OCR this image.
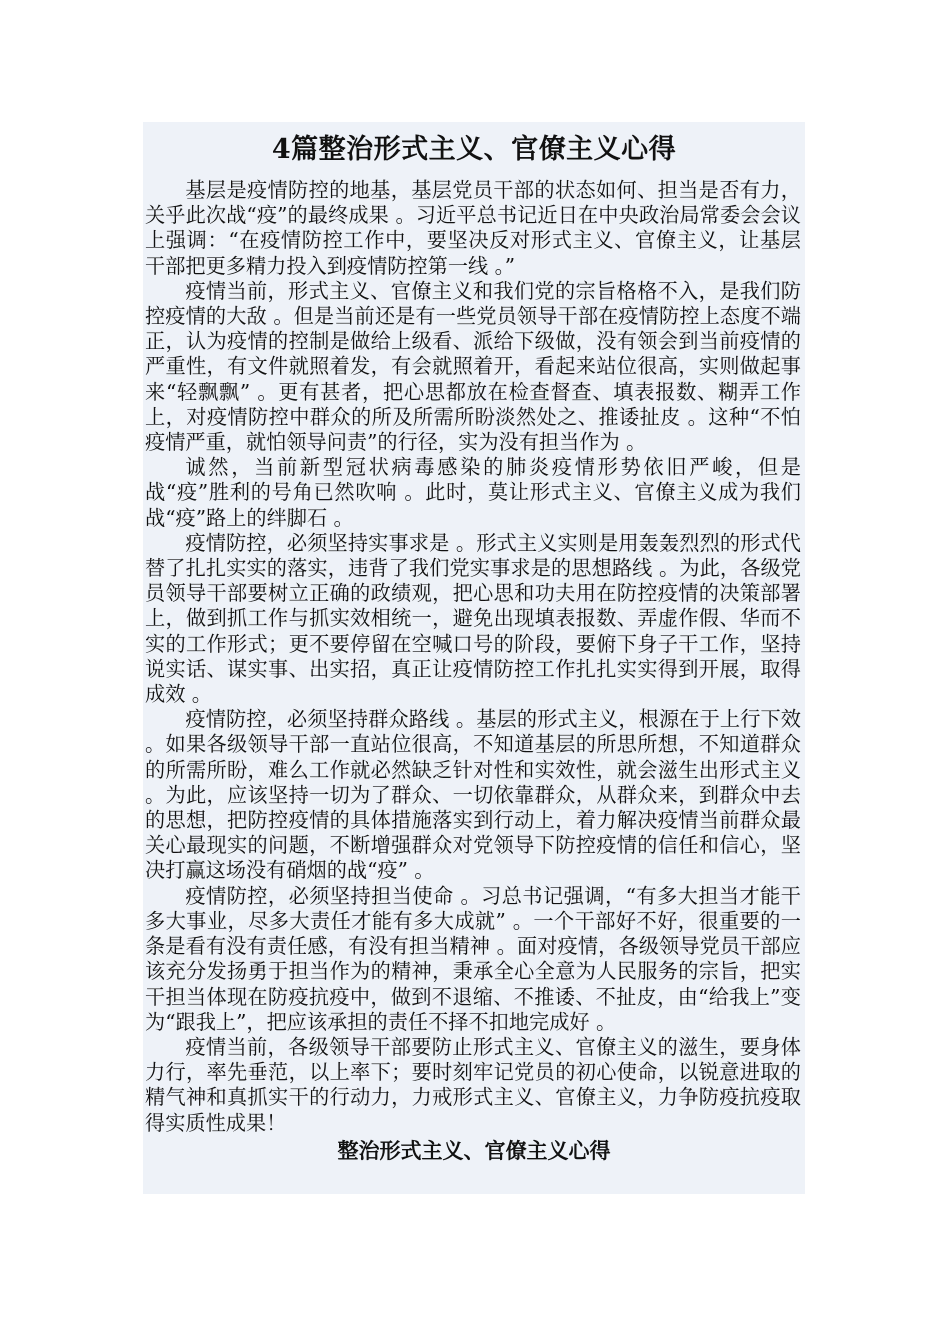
4篇整治形式主义、官僚主义心得

基层是疫情防控的地基，基层党员干部的状态如何、担当是否有力，关乎此次战“疫”的最终成果 。习近平总书记近日在中央政治局常委会会议上强调：“在疫情防控工作中，要坚决反对形式主义、官僚主义，让基层干部把更多精力投入到疫情防控第一线 。”

疫情当前，形式主义、官僚主义和我们党的宗旨格格不入，是我们防控疫情的大敌 。但是当前还是有一些党员领导干部在疫情防控上态度不端正，认为疫情的控制是做给上级看、派给下级做，没有领会到当前疫情的严重性，有文件就照着发，有会就照着开，看起来站位很高，实则做起事来“轻飘飘” 。更有甚者，把心思都放在检查督查、填表报数、糊弄工作上，对疫情防控中群众的所及所需所盼淡然处之、推诿扯皮 。这种“不怕疫情严重，就怕领导问责”的行径，实为没有担当作为 。

诚然，当前新型冠状病毒感染的肺炎疫情形势依旧严峻，但是战“疫”胜利的号角已然吹响 。此时，莫让形式主义、官僚主义成为我们战“疫”路上的绊脚石 。

疫情防控，必须坚持实事求是 。形式主义实则是用轰轰烈烈的形式代替了扎扎实实的落实，违背了我们党实事求是的思想路线 。为此，各级党员领导干部要树立正确的政绩观，把心思和功夫用在防控疫情的决策部署上，做到抓工作与抓实效相统一，避免出现填表报数、弄虚作假、华而不实的工作形式；更不要停留在空喊口号的阶段，要俯下身子干工作，坚持说实话、谋实事、出实招，真正让疫情防控工作扎扎实实得到开展，取得成效 。

疫情防控，必须坚持群众路线 。基层的形式主义，根源在于上行下效 。如果各级领导干部一直站位很高，不知道基层的所思所想，不知道群众的所需所盼，难么工作就必然缺乏针对性和实效性，就会滋生出形式主义 。为此，应该坚持一切为了群众、一切依靠群众，从群众来，到群众中去的思想，把防控疫情的具体措施落实到行动上，着力解决疫情当前群众最关心最现实的问题，不断增强群众对党领导下防控疫情的信任和信心，坚决打赢这场没有硝烟的战“疫” 。

疫情防控，必须坚持担当使命 。习总书记强调，“有多大担当才能干多大事业，尽多大责任才能有多大成就” 。一个干部好不好，很重要的一条是看有没有责任感，有没有担当精神 。面对疫情，各级领导党员干部应该充分发扬勇于担当作为的精神，秉承全心全意为人民服务的宗旨，把实干担当体现在防疫抗疫中，做到不退缩、不推诿、不扯皮，由“给我上”变为“跟我上”，把应该承担的责任不择不扣地完成好 。

疫情当前，各级领导干部要防止形式主义、官僚主义的滋生，要身体力行，率先垂范，以上率下；要时刻牢记党员的初心使命，以锐意进取的精气神和真抓实干的行动力，力戒形式主义、官僚主义，力争防疫抗疫取得实质性成果！

整治形式主义、官僚主义心得
